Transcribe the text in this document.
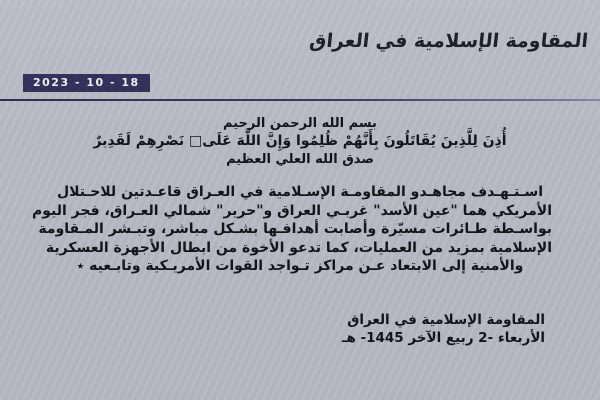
المقاومة الإسلامية في العراق
2023 - 10 - 18
بسم الله الرحمن الرحيم
أُذِنَ لِلَّذِينَ يُقَاتَلُونَ بِأَنَّهُمْ ظُلِمُوا وَإِنَّ اللَّهَ عَلَى□ نَصْرِهِمْ لَقَدِيرٌ
صدق الله العلي العظيم
اسـتـهـدف مجاهـدو المقاومـة الإسـلامية في العـراق قاعـدتين للاحـتلال
الأمريكي هما "عين الأسد" غربـي العراق و"حرير" شمالي العـراق، فجر اليوم
بواسـطة طـائرات مسيّرة وأصابت أهدافـها بشـكل مباشر، وتبـشر المـقاومة
الإسلامية بمزيد من العمليات، كما تدعو الأخوة من ابطال الأجهزة العسكرية
والأمنية إلى الابتعاد عـن مراكز تـواجد القوات الأمريـكية وتابـعيه ٭
المقاومة الإسلامية في العراق
الأربعاء -2 ربيع الآخر 1445- هـ
